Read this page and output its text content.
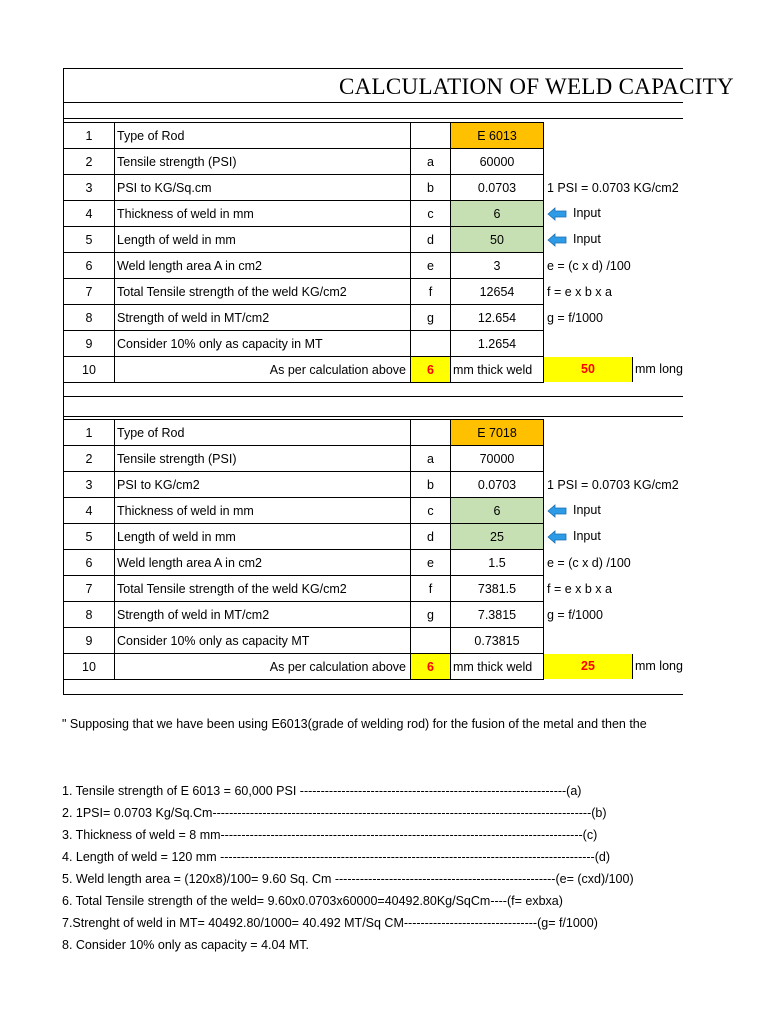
CALCULATION OF WELD CAPACITY
1	Type of Rod		E 6013	
2	Tensile strength (PSI)	a	60000	
3	PSI to KG/Sq.cm	b	0.0703	1 PSI = 0.0703 KG/cm2
4	Thickness of weld in mm	c	6	Input
5	Length of weld in mm	d	50	Input
6	Weld length area A in cm2	e	3	e = (c x d) /100
7	Total Tensile strength of the weld KG/cm2	f	12654	f = e x b x a
8	Strength of weld in MT/cm2	g	12.654	g = f/1000
9	Consider 10% only as capacity in MT		1.2654	
10	As per calculation above	6	mm thick weld	50 mm long
1	Type of Rod		E 7018	
2	Tensile strength (PSI)	a	70000	
3	PSI to KG/cm2	b	0.0703	1 PSI = 0.0703 KG/cm2
4	Thickness of weld in mm	c	6	Input
5	Length of weld in mm	d	25	Input
6	Weld length area A in cm2	e	1.5	e = (c x d) /100
7	Total Tensile strength of the weld KG/cm2	f	7381.5	f = e x b x a
8	Strength of weld in MT/cm2	g	7.3815	g = f/1000
9	Consider 10% only as capacity MT		0.73815	
10	As per calculation above	6	mm thick weld	25 mm long
" Supposing that we have been using E6013(grade of welding rod) for the fusion of the metal and then the
1. Tensile strength of E 6013 = 60,000 PSI ----------------------------------------------------------------(a)
2. 1PSI= 0.0703 Kg/Sq.Cm-------------------------------------------------------------------------------------------(b)
3. Thickness of weld = 8 mm---------------------------------------------------------------------------------------(c)
4. Length of weld = 120 mm ------------------------------------------------------------------------------------------(d)
5. Weld length area = (120x8)/100= 9.60 Sq. Cm -----------------------------------------------------(e= (cxd)/100)
6. Total Tensile strength of the weld= 9.60x0.0703x60000=40492.80Kg/SqCm----(f= exbxa)
7.Strenght of weld in MT= 40492.80/1000= 40.492 MT/Sq CM--------------------------------(g= f/1000)
8. Consider 10% only as capacity = 4.04 MT.
